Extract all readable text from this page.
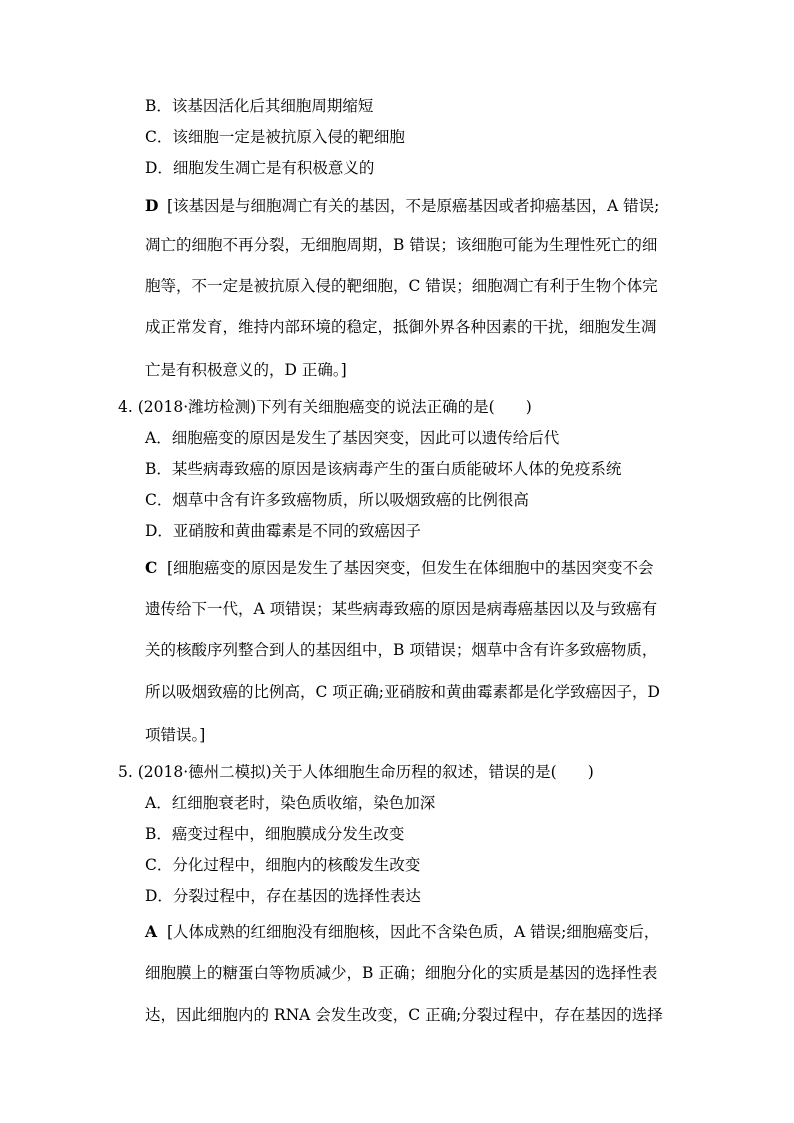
B．该基因活化后其细胞周期缩短
C．该细胞一定是被抗原入侵的靶细胞
D．细胞发生凋亡是有积极意义的
D [该基因是与细胞凋亡有关的基因，不是原癌基因或者抑癌基因，A 错误;
凋亡的细胞不再分裂，无细胞周期，B 错误；该细胞可能为生理性死亡的细
胞等，不一定是被抗原入侵的靶细胞，C 错误；细胞凋亡有利于生物个体完
成正常发育，维持内部环境的稳定，抵御外界各种因素的干扰，细胞发生凋
亡是有积极意义的，D 正确。]
4. (2018·潍坊检测)下列有关细胞癌变的说法正确的是(　　)
A．细胞癌变的原因是发生了基因突变，因此可以遗传给后代
B．某些病毒致癌的原因是该病毒产生的蛋白质能破坏人体的免疫系统
C．烟草中含有许多致癌物质，所以吸烟致癌的比例很高
D．亚硝胺和黄曲霉素是不同的致癌因子
C [细胞癌变的原因是发生了基因突变，但发生在体细胞中的基因突变不会
遗传给下一代，A 项错误；某些病毒致癌的原因是病毒癌基因以及与致癌有
关的核酸序列整合到人的基因组中，B 项错误；烟草中含有许多致癌物质，
所以吸烟致癌的比例高，C 项正确;亚硝胺和黄曲霉素都是化学致癌因子，D
项错误。]
5. (2018·德州二模拟)关于人体细胞生命历程的叙述，错误的是(　　)
A．红细胞衰老时，染色质收缩，染色加深
B．癌变过程中，细胞膜成分发生改变
C．分化过程中，细胞内的核酸发生改变
D．分裂过程中，存在基因的选择性表达
A [人体成熟的红细胞没有细胞核，因此不含染色质，A 错误;细胞癌变后，
细胞膜上的糖蛋白等物质减少，B 正确；细胞分化的实质是基因的选择性表
达，因此细胞内的 RNA 会发生改变，C 正确;分裂过程中，存在基因的选择
